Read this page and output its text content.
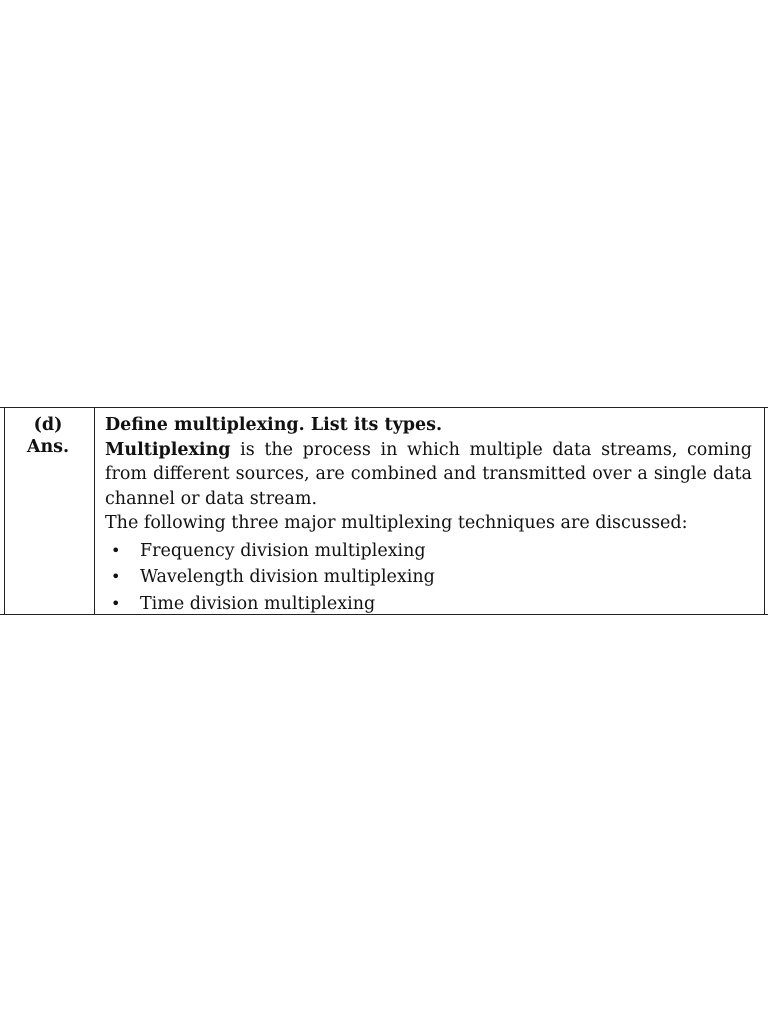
(d)
Ans.

Define multiplexing. List its types.

Multiplexing is the process in which multiple data streams, coming from different sources, are combined and transmitted over a single data channel or data stream.

The following three major multiplexing techniques are discussed:

• Frequency division multiplexing
• Wavelength division multiplexing
• Time division multiplexing
